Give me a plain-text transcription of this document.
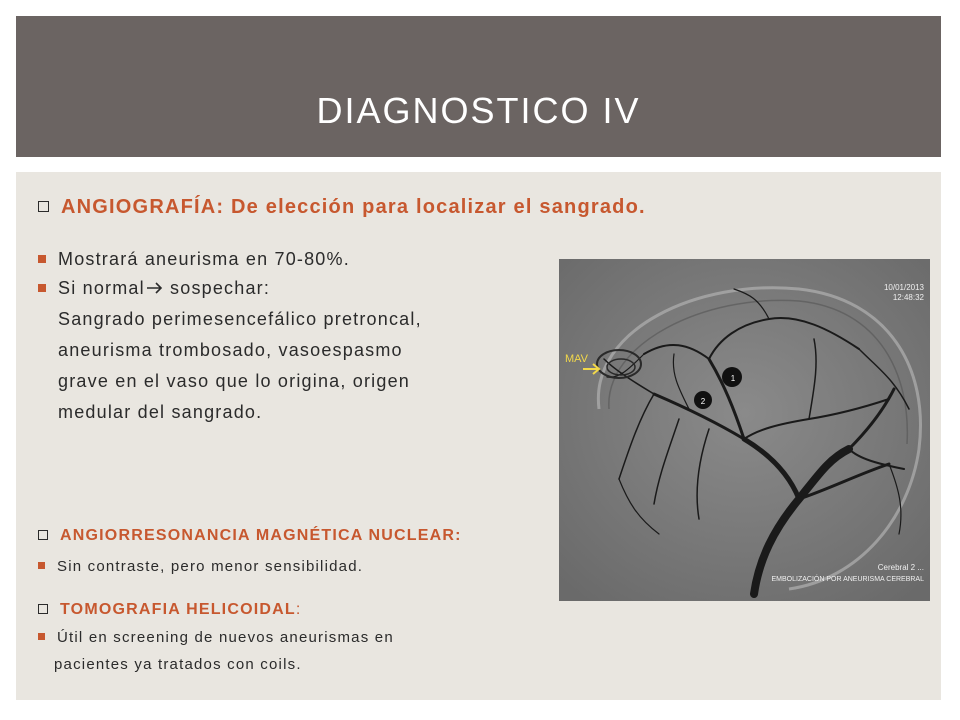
DIAGNOSTICO IV
ANGIOGRAFÍA: De elección para localizar el sangrado.
Mostrará aneurisma en 70-80%.
Si normal sospechar:
Sangrado perimesencefálico pretroncal,
aneurisma trombosado, vasoespasmo
grave en el vaso que lo origina, origen
medular del sangrado.
ANGIORRESONANCIA MAGNÉTICA NUCLEAR:
Sin contraste, pero menor sensibilidad.
TOMOGRAFIA HELICOIDAL:
Útil en screening de nuevos aneurismas en
pacientes ya tratados con coils.
MAV
1
2
10/01/2013
12:48:32
Cerebral 2 ...
EMBOLIZACIÓN POR ANEURISMA CEREBRAL
